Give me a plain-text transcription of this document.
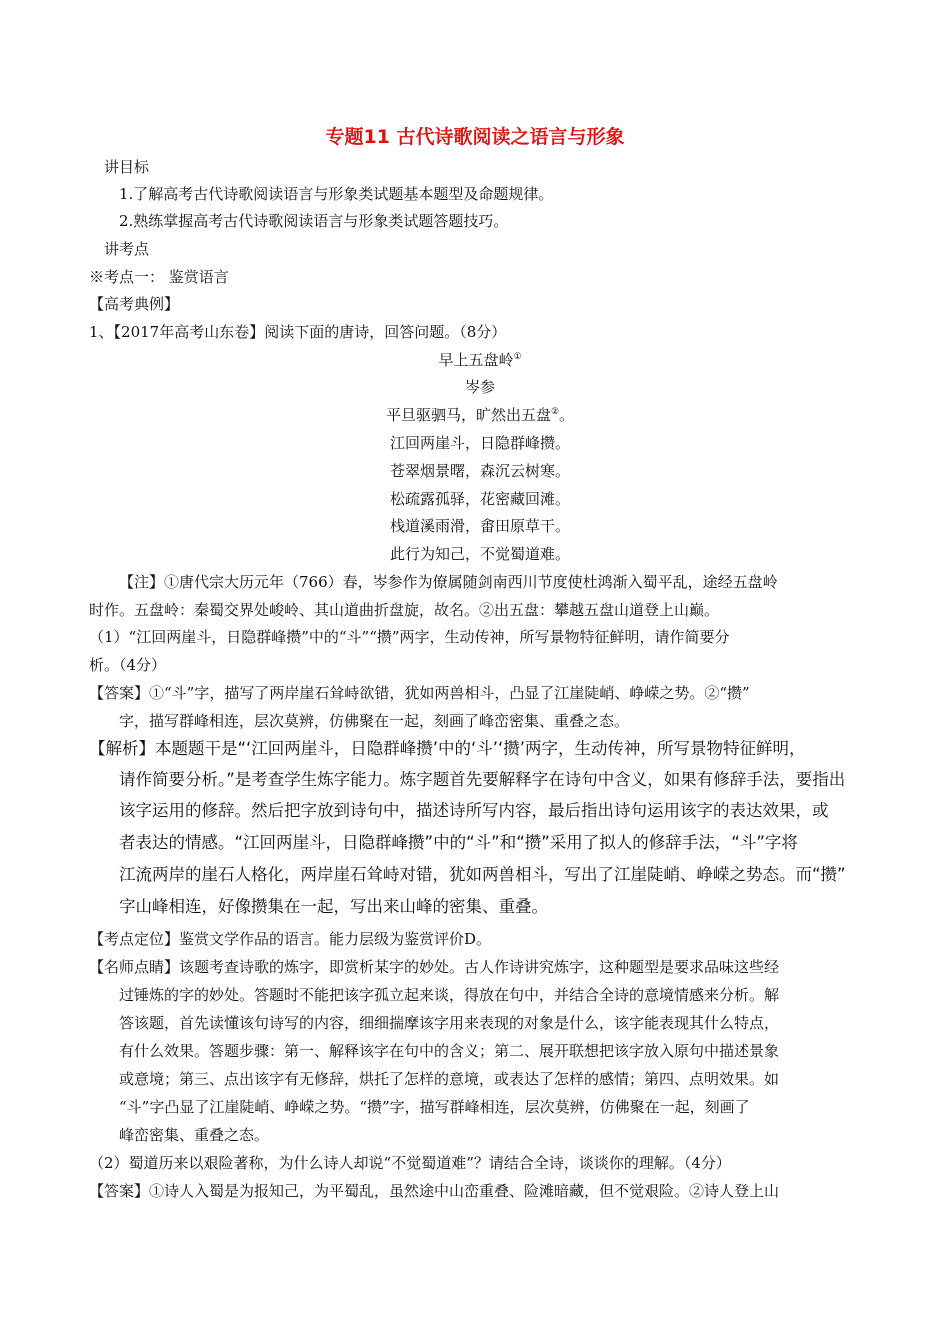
专题11 古代诗歌阅读之语言与形象
讲目标
1.了解高考古代诗歌阅读语言与形象类试题基本题型及命题规律。
2.熟练掌握高考古代诗歌阅读语言与形象类试题答题技巧。
讲考点
※考点一： 鉴赏语言
【高考典例】
1、【2017年高考山东卷】阅读下面的唐诗，回答问题。（8分）
早上五盘岭①
岑参
平旦驱驷马，旷然出五盘②。
江回两崖斗，日隐群峰攒。
苍翠烟景曙，森沉云树寒。
松疏露孤驿，花密藏回滩。
栈道溪雨滑，畬田原草干。
此行为知己，不觉蜀道难。
【注】①唐代宗大历元年（766）春，岑参作为僚属随剑南西川节度使杜鸿渐入蜀平乱，途经五盘岭
时作。五盘岭：秦蜀交界处峻岭、其山道曲折盘旋，故名。②出五盘：攀越五盘山道登上山巅。
（1）“江回两崖斗，日隐群峰攒”中的“斗”“攒”两字，生动传神，所写景物特征鲜明，请作简要分
析。（4分）
【答案】①“斗”字，描写了两岸崖石耸峙欲错，犹如两兽相斗，凸显了江崖陡峭、峥嵘之势。②“攒”
字，描写群峰相连，层次莫辨，仿佛聚在一起，刻画了峰峦密集、重叠之态。
【解析】本题题干是“‘江回两崖斗，日隐群峰攒’中的‘斗’‘攒’两字，生动传神，所写景物特征鲜明，
请作简要分析。”是考查学生炼字能力。炼字题首先要解释字在诗句中含义，如果有修辞手法，要指出
该字运用的修辞。然后把字放到诗句中，描述诗所写内容，最后指出诗句运用该字的表达效果，或
者表达的情感。“江回两崖斗，日隐群峰攒”中的“斗”和“攒”采用了拟人的修辞手法，“斗”字将
江流两岸的崖石人格化，两岸崖石耸峙对错，犹如两兽相斗，写出了江崖陡峭、峥嵘之势态。而“攒”
字山峰相连，好像攒集在一起，写出来山峰的密集、重叠。
【考点定位】鉴赏文学作品的语言。能力层级为鉴赏评价D。
【名师点睛】该题考查诗歌的炼字，即赏析某字的妙处。古人作诗讲究炼字，这种题型是要求品味这些经
过锤炼的字的妙处。答题时不能把该字孤立起来谈，得放在句中，并结合全诗的意境情感来分析。解
答该题，首先读懂该句诗写的内容，细细揣摩该字用来表现的对象是什么，该字能表现其什么特点，
有什么效果。答题步骤：第一、解释该字在句中的含义；第二、展开联想把该字放入原句中描述景象
或意境；第三、点出该字有无修辞，烘托了怎样的意境，或表达了怎样的感情；第四、点明效果。如
“斗”字凸显了江崖陡峭、峥嵘之势。“攒”字，描写群峰相连，层次莫辨，仿佛聚在一起，刻画了
峰峦密集、重叠之态。
（2）蜀道历来以艰险著称，为什么诗人却说“不觉蜀道难”？请结合全诗，谈谈你的理解。（4分）
【答案】①诗人入蜀是为报知己，为平蜀乱，虽然途中山峦重叠、险滩暗藏，但不觉艰险。②诗人登上山
